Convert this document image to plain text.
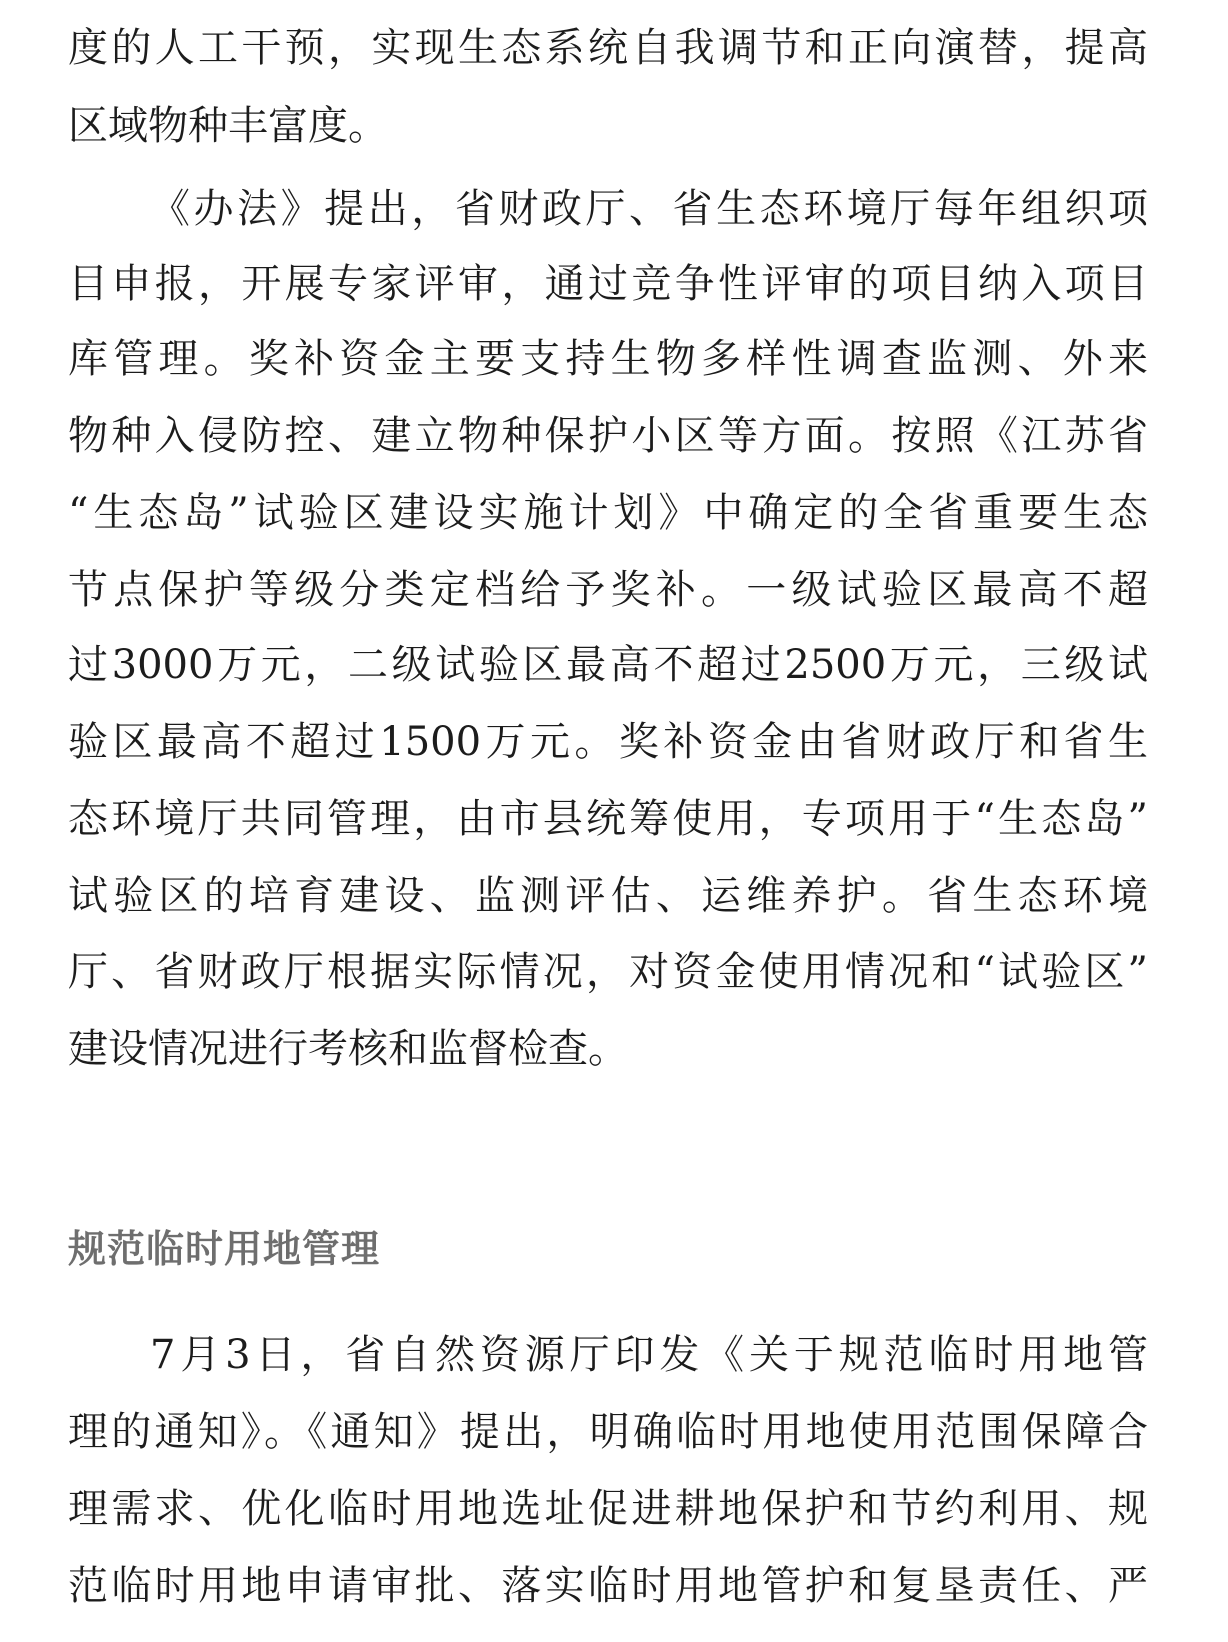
度的人工干预，实现生态系统自我调节和正向演替，提高
区域物种丰富度。
《办法》提出，省财政厅、省生态环境厅每年组织项
目申报，开展专家评审，通过竞争性评审的项目纳入项目
库管理。奖补资金主要支持生物多样性调查监测、外来
物种入侵防控、建立物种保护小区等方面。按照《江苏省
“生态岛”试验区建设实施计划》中确定的全省重要生态
节点保护等级分类定档给予奖补。一级试验区最高不超
过3000万元，二级试验区最高不超过2500万元，三级试
验区最高不超过1500万元。奖补资金由省财政厅和省生
态环境厅共同管理，由市县统筹使用，专项用于“生态岛”
试验区的培育建设、监测评估、运维养护。省生态环境
厅、省财政厅根据实际情况，对资金使用情况和“试验区”
建设情况进行考核和监督检查。
规范临时用地管理
7月3日，省自然资源厅印发《关于规范临时用地管
理的通知》。《通知》提出，明确临时用地使用范围保障合
理需求、优化临时用地选址促进耕地保护和节约利用、规
范临时用地申请审批、落实临时用地管护和复垦责任、严
